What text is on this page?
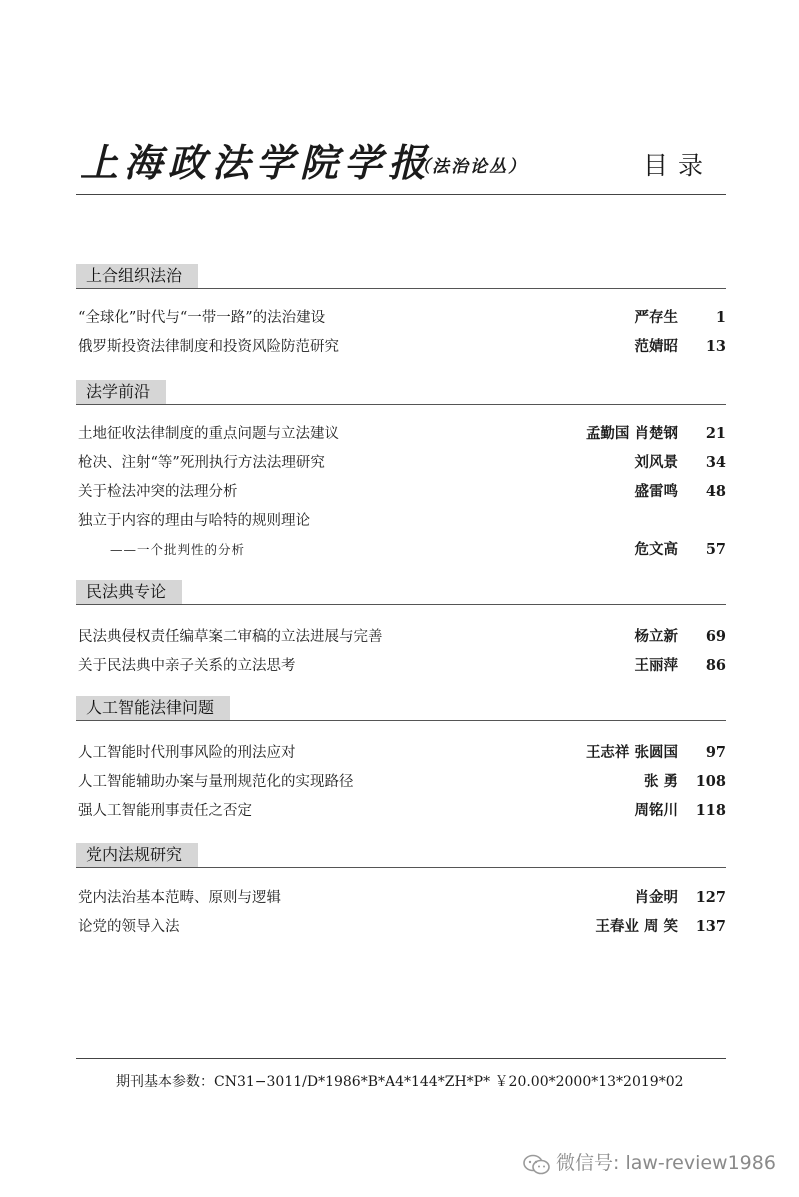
上海政法学院学报
（法治论丛）	目录
上合组织法治
“全球化”时代与“一带一路”的法治建设	严存生	1
俄罗斯投资法律制度和投资风险防范研究	范婧昭 13
法学前沿
土地征收法律制度的重点问题与立法建议	孟勤国 肖楚钢 21
枪决、注射“等”死刑执行方法法理研究	刘风景 34
关于检法冲突的法理分析	盛雷鸣 48
独立于内容的理由与哈特的规则理论
——一个批判性的分析	危文高 57
民法典专论
民法典侵权责任编草案二审稿的立法进展与完善	杨立新 69
关于民法典中亲子关系的立法思考	王丽萍 86
人工智能法律问题
人工智能时代刑事风险的刑法应对	王志祥 张圆国 97
人工智能辅助办案与量刑规范化的实现路径	张 勇 108
强人工智能刑事责任之否定	周铭川 118
党内法规研究
党内法治基本范畴、原则与逻辑	肖金明 127
论党的领导入法	王春业 周 笑 137
期刊基本参数：CN31−3011/D*1986*B*A4*144*ZH*P* ￥20.00*2000*13*2019*02
微信号: law-review1986
